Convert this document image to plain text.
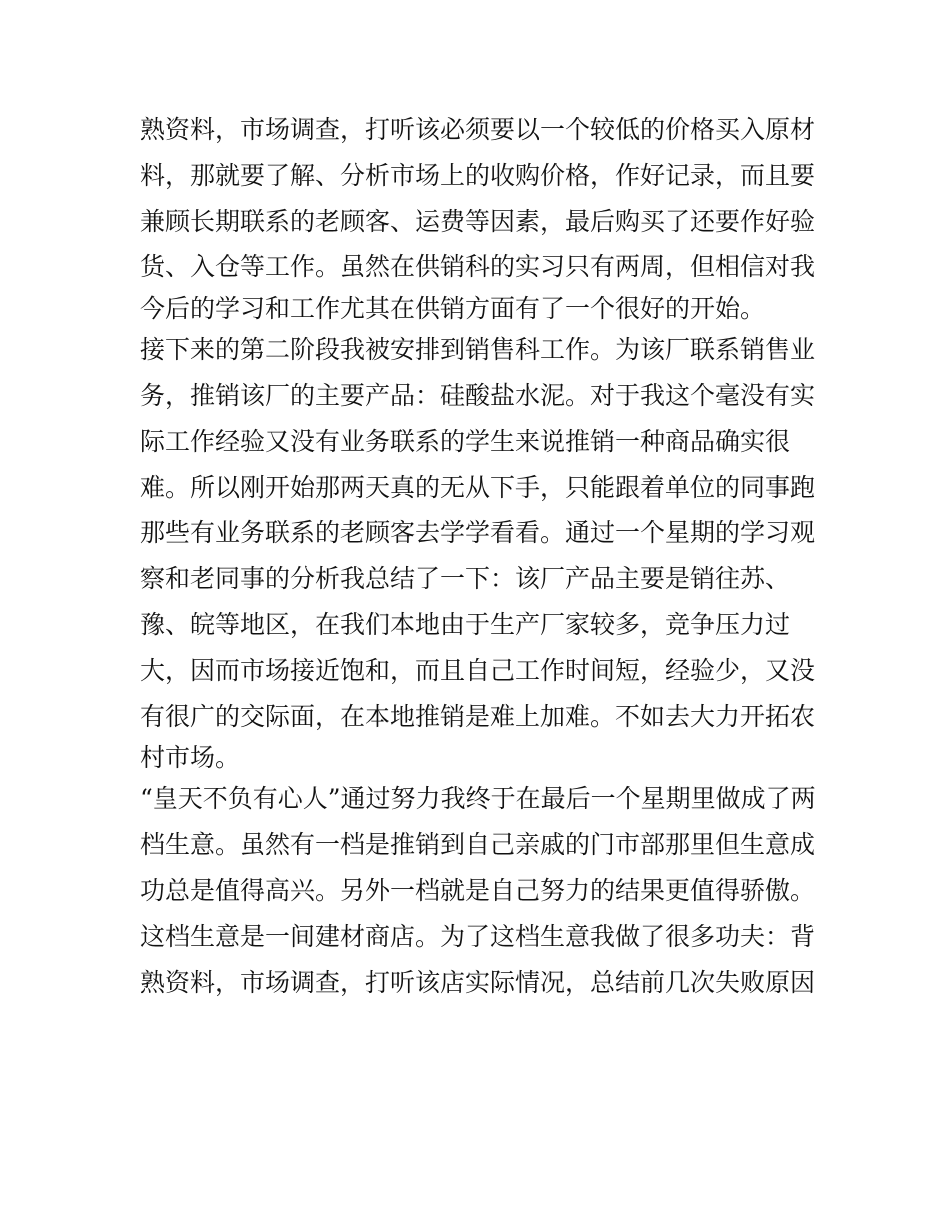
熟资料，市场调查，打听该必须要以一个较低的价格买入原材
料，那就要了解、分析市场上的收购价格，作好记录，而且要
兼顾长期联系的老顾客、运费等因素，最后购买了还要作好验
货、入仓等工作。虽然在供销科的实习只有两周，但相信对我
今后的学习和工作尤其在供销方面有了一个很好的开始。
接下来的第二阶段我被安排到销售科工作。为该厂联系销售业
务，推销该厂的主要产品：硅酸盐水泥。对于我这个毫没有实
际工作经验又没有业务联系的学生来说推销一种商品确实很
难。所以刚开始那两天真的无从下手，只能跟着单位的同事跑
那些有业务联系的老顾客去学学看看。通过一个星期的学习观
察和老同事的分析我总结了一下：该厂产品主要是销往苏、
豫、皖等地区，在我们本地由于生产厂家较多，竞争压力过
大，因而市场接近饱和，而且自己工作时间短，经验少，又没
有很广的交际面，在本地推销是难上加难。不如去大力开拓农
村市场。
“皇天不负有心人”通过努力我终于在最后一个星期里做成了两
档生意。虽然有一档是推销到自己亲戚的门市部那里但生意成
功总是值得高兴。另外一档就是自己努力的结果更值得骄傲。
这档生意是一间建材商店。为了这档生意我做了很多功夫：背
熟资料，市场调查，打听该店实际情况，总结前几次失败原因
